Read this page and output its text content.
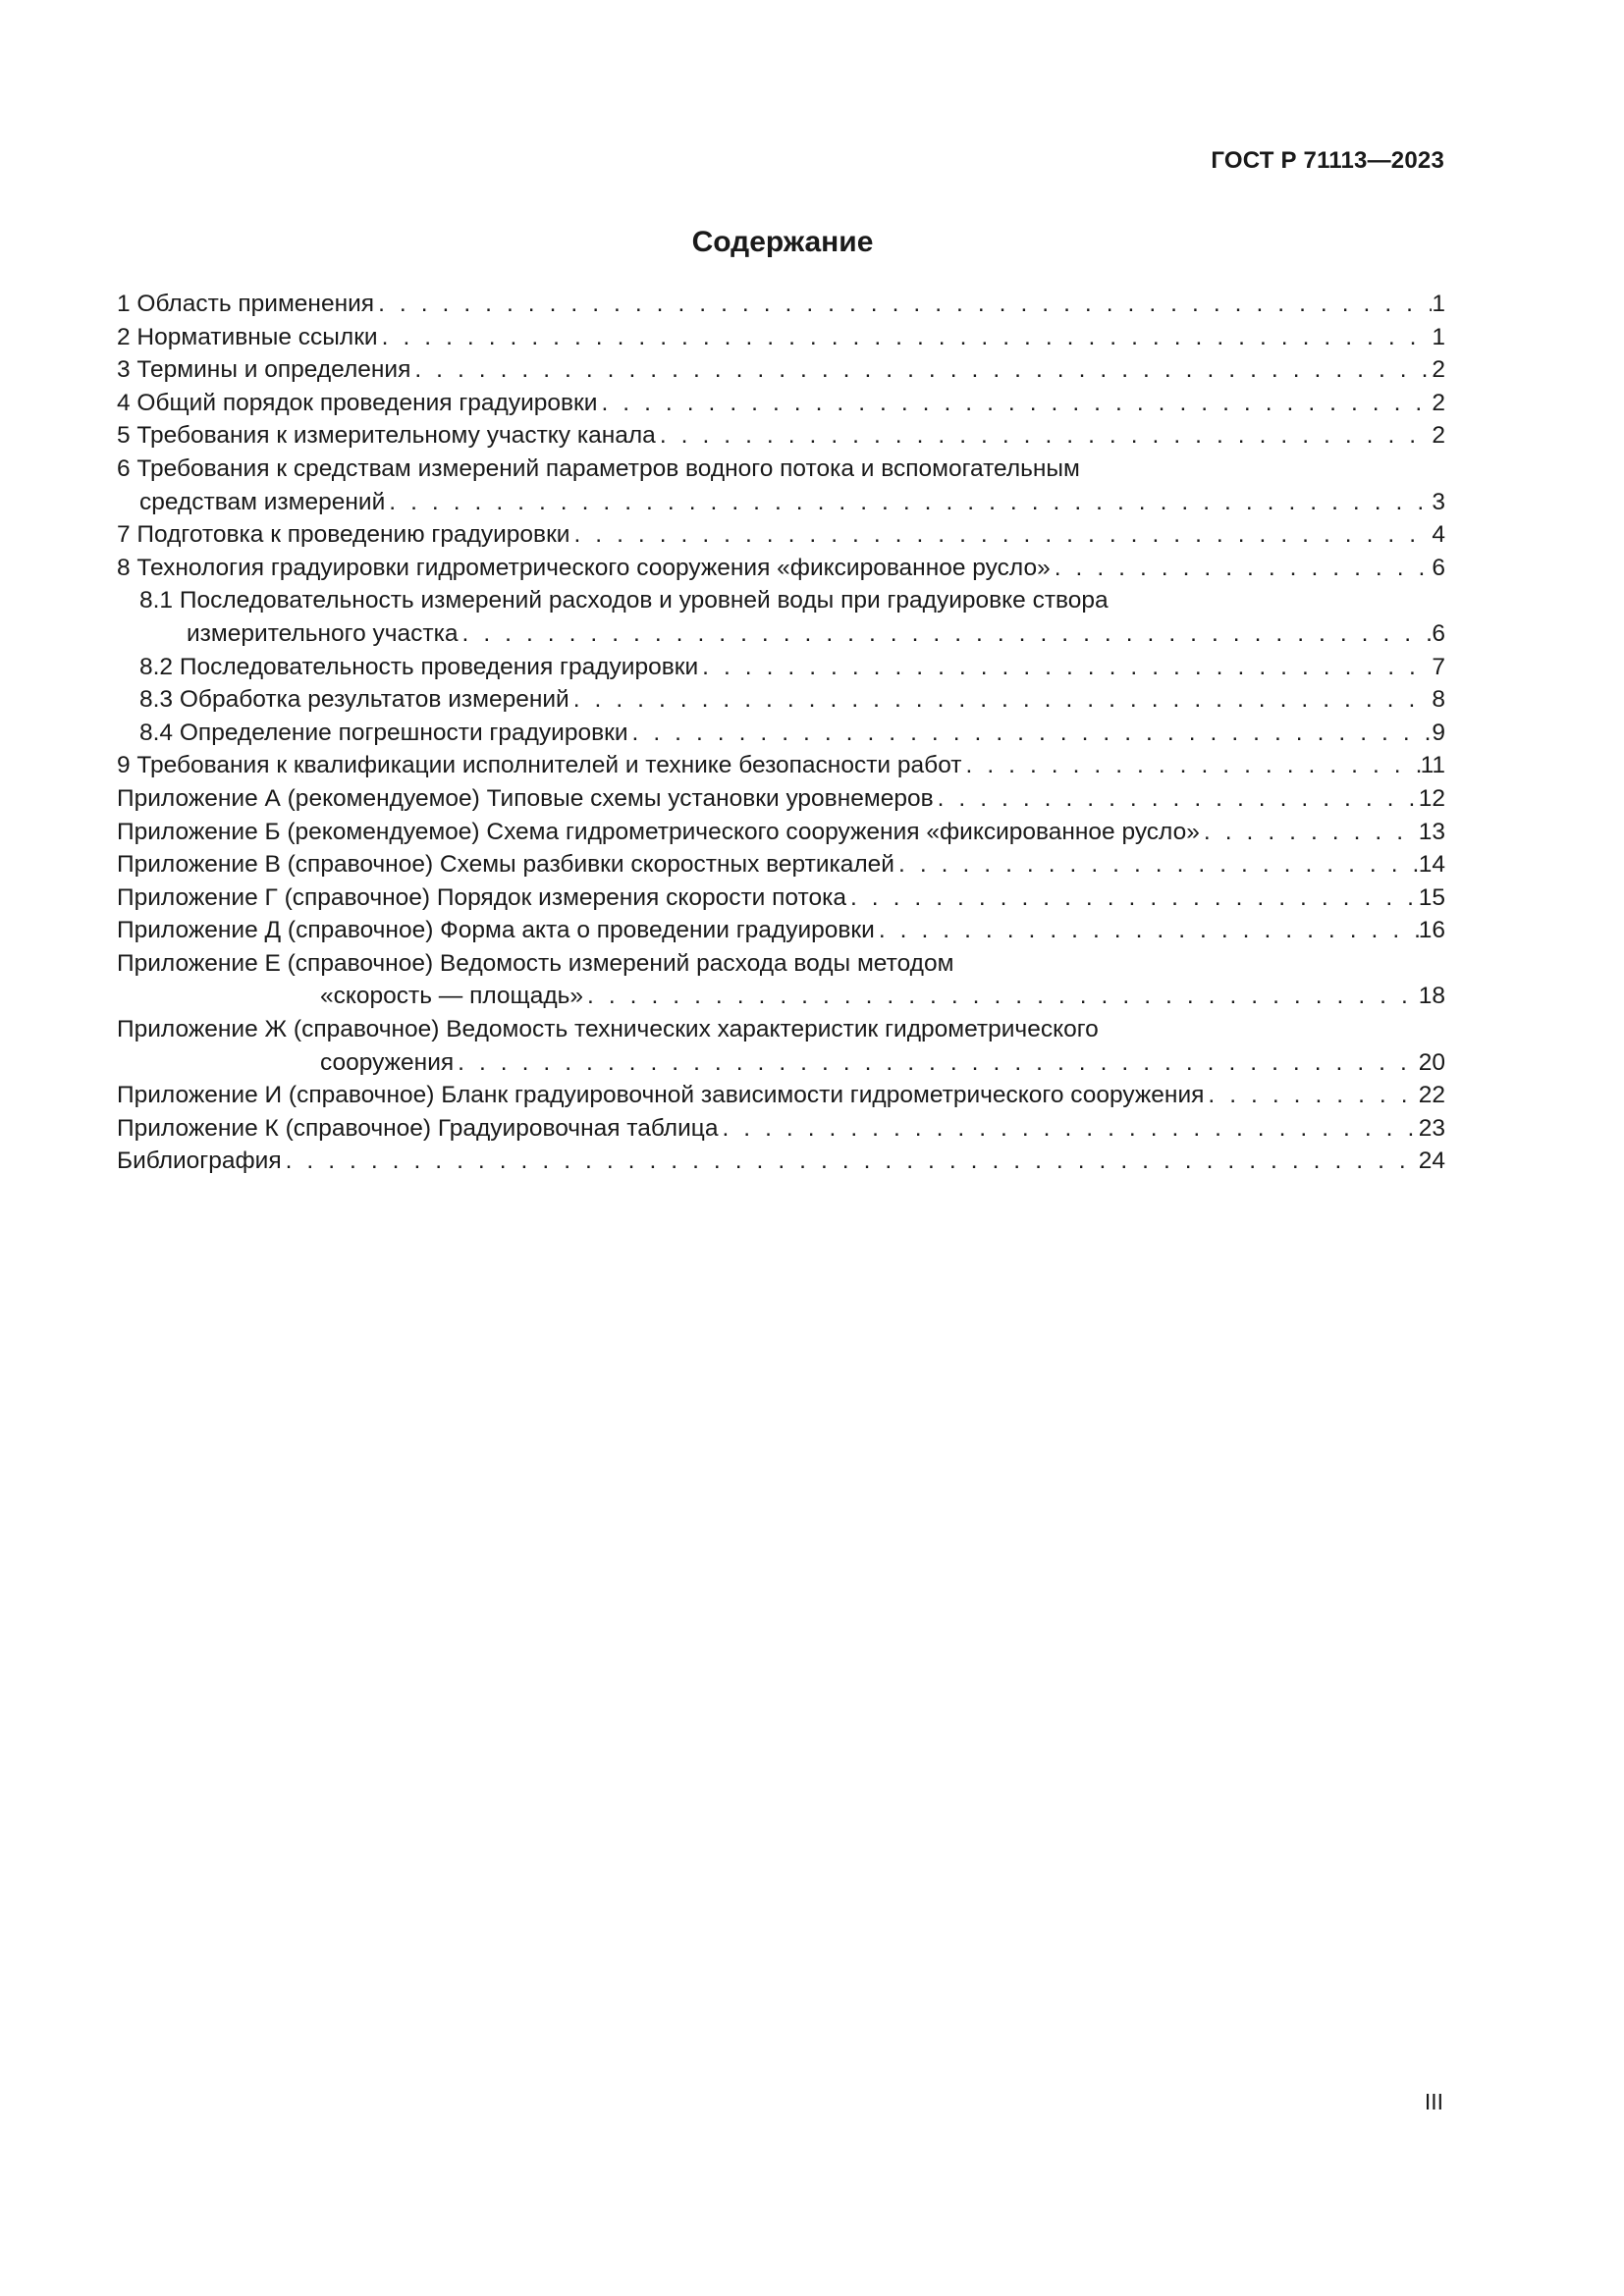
ГОСТ Р 71113—2023
Содержание
1 Область применения . . .	1
2 Нормативные ссылки . . .	1
3 Термины и определения . . .	2
4 Общий порядок проведения градуировки . . .	2
5 Требования к измерительному участку канала . . .	2
6 Требования к средствам измерений параметров водного потока и вспомогательным
средствам измерений . . .	3
7 Подготовка к проведению градуировки . . .	4
8 Технология градуировки гидрометрического сооружения «фиксированное русло» . . .	6
8.1 Последовательность измерений расходов и уровней воды при градуировке створа
измерительного участка . . .	6
8.2 Последовательность проведения градуировки . . .	7
8.3 Обработка результатов измерений . . .	8
8.4 Определение погрешности градуировки . . .	9
9 Требования к квалификации исполнителей и технике безопасности работ . . .	11
Приложение А (рекомендуемое) Типовые схемы установки уровнемеров . . .	12
Приложение Б (рекомендуемое) Схема гидрометрического сооружения «фиксированное русло» . . .	13
Приложение В (справочное) Схемы разбивки скоростных вертикалей . . .	14
Приложение Г (справочное) Порядок измерения скорости потока . . .	15
Приложение Д (справочное) Форма акта о проведении градуировки . . .	16
Приложение Е (справочное) Ведомость измерений расхода воды методом
«скорость — площадь» . . .	18
Приложение Ж (справочное) Ведомость технических характеристик гидрометрического
сооружения . . .	20
Приложение И (справочное) Бланк градуировочной зависимости гидрометрического сооружения . . .	22
Приложение К (справочное) Градуировочная таблица . . .	23
Библиография . . .	24
III
